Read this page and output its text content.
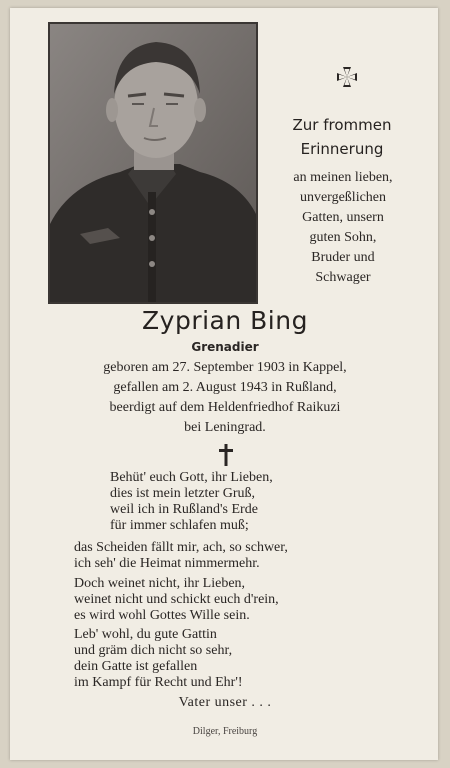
Zur frommen
Erinnerung
an meinen lieben,
unvergeßlichen
Gatten, unsern
guten Sohn,
Bruder und
Schwager
Zyprian Bing
Grenadier
geboren am 27. September 1903 in Kappel,
gefallen am 2. August 1943 in Rußland,
beerdigt auf dem Heldenfriedhof Raikuzi
bei Leningrad.
Behüt' euch Gott, ihr Lieben,
dies ist mein letzter Gruß,
weil ich in Rußland's Erde
für immer schlafen muß;
das Scheiden fällt mir, ach, so schwer,
ich seh' die Heimat nimmermehr.
Doch weinet nicht, ihr Lieben,
weinet nicht und schickt euch d'rein,
es wird wohl Gottes Wille sein.
Leb' wohl, du gute Gattin
und gräm dich nicht so sehr,
dein Gatte ist gefallen
im Kampf für Recht und Ehr'!
Vater unser . . .
Dilger, Freiburg
